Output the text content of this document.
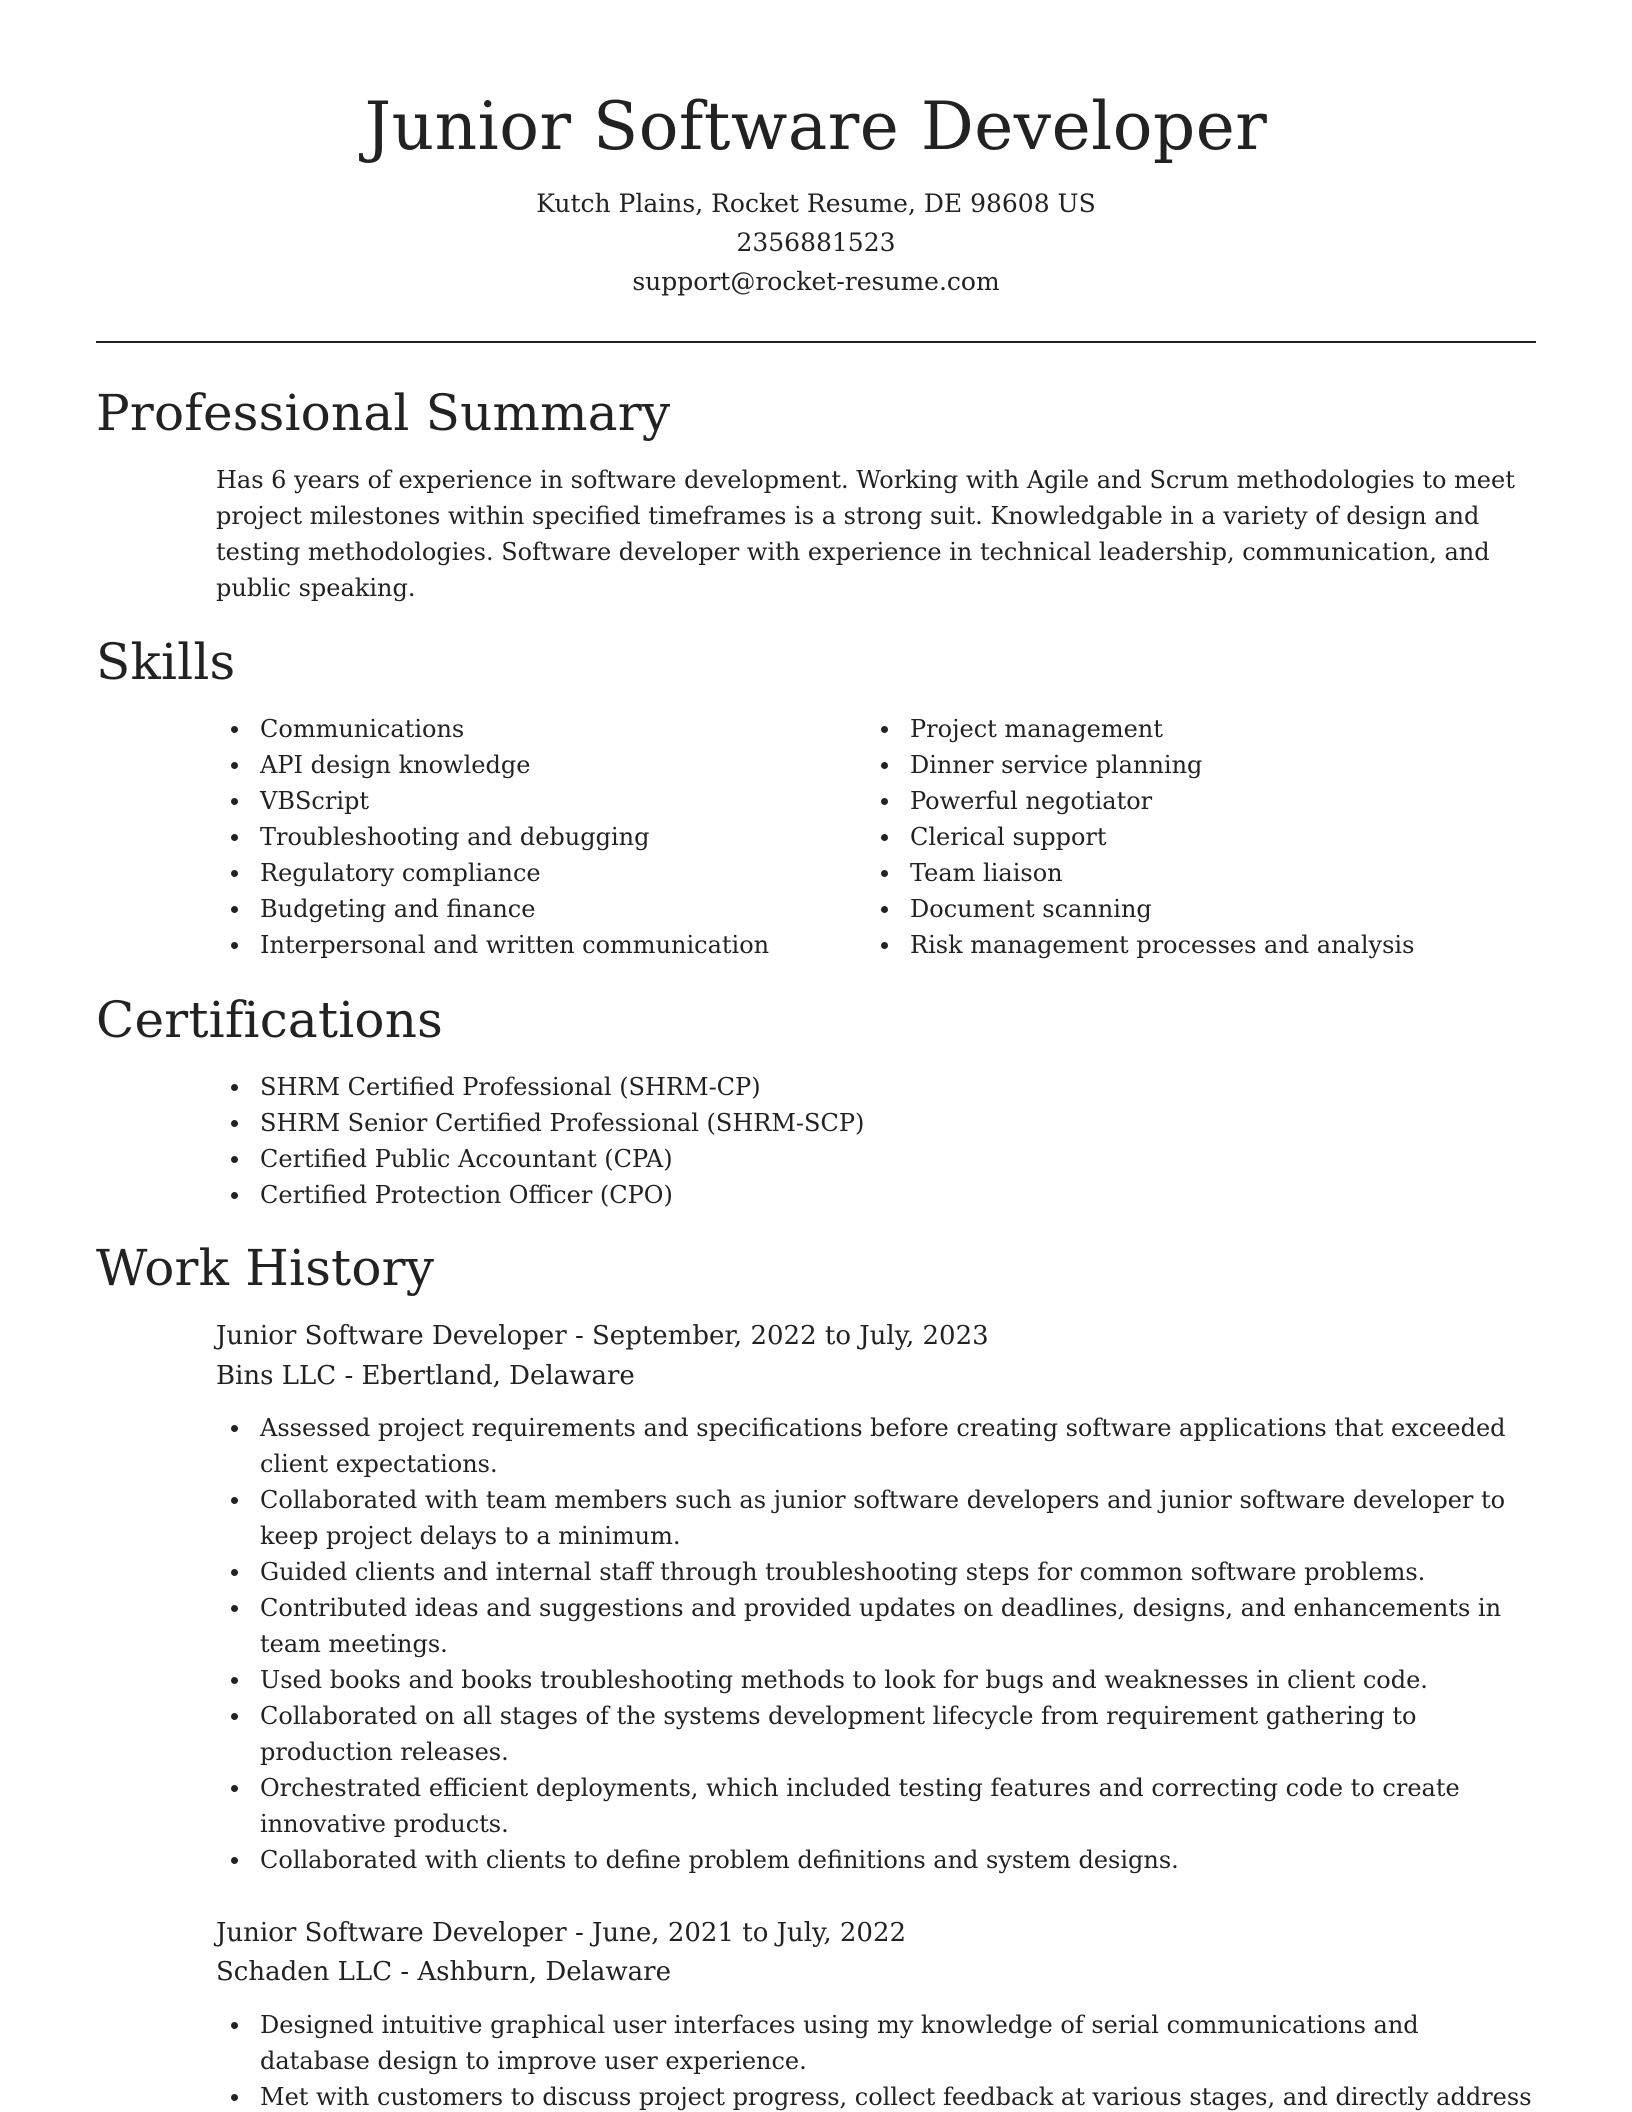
Junior Software Developer

Kutch Plains, Rocket Resume, DE 98608 US

2356881523

support@rocket-resume.com

Professional Summary

Has 6 years of experience in software development. Working with Agile and Scrum methodologies to meet project milestones within specified timeframes is a strong suit. Knowledgable in a variety of design and testing methodologies. Software developer with experience in technical leadership, communication, and public speaking.

Skills
Communications
API design knowledge
VBScript
Troubleshooting and debugging
Regulatory compliance
Budgeting and finance
Interpersonal and written communication
Project management
Dinner service planning
Powerful negotiator
Clerical support
Team liaison
Document scanning
Risk management processes and analysis
Certifications
SHRM Certified Professional (SHRM-CP)
SHRM Senior Certified Professional (SHRM-SCP)
Certified Public Accountant (CPA)
Certified Protection Officer (CPO)
Work History

Junior Software Developer - September, 2022 to July, 2023

Bins LLC - Ebertland, Delaware

Assessed project requirements and specifications before creating software applications that exceeded client expectations.
Collaborated with team members such as junior software developers and junior software developer to keep project delays to a minimum.
Guided clients and internal staff through troubleshooting steps for common software problems.
Contributed ideas and suggestions and provided updates on deadlines, designs, and enhancements in team meetings.
Used books and books troubleshooting methods to look for bugs and weaknesses in client code.
Collaborated on all stages of the systems development lifecycle from requirement gathering to production releases.
Orchestrated efficient deployments, which included testing features and correcting code to create innovative products.
Collaborated with clients to define problem definitions and system designs.

Junior Software Developer - June, 2021 to July, 2022

Schaden LLC - Ashburn, Delaware

Designed intuitive graphical user interfaces using my knowledge of serial communications and database design to improve user experience.
Met with customers to discuss project progress, collect feedback at various stages, and directly address
